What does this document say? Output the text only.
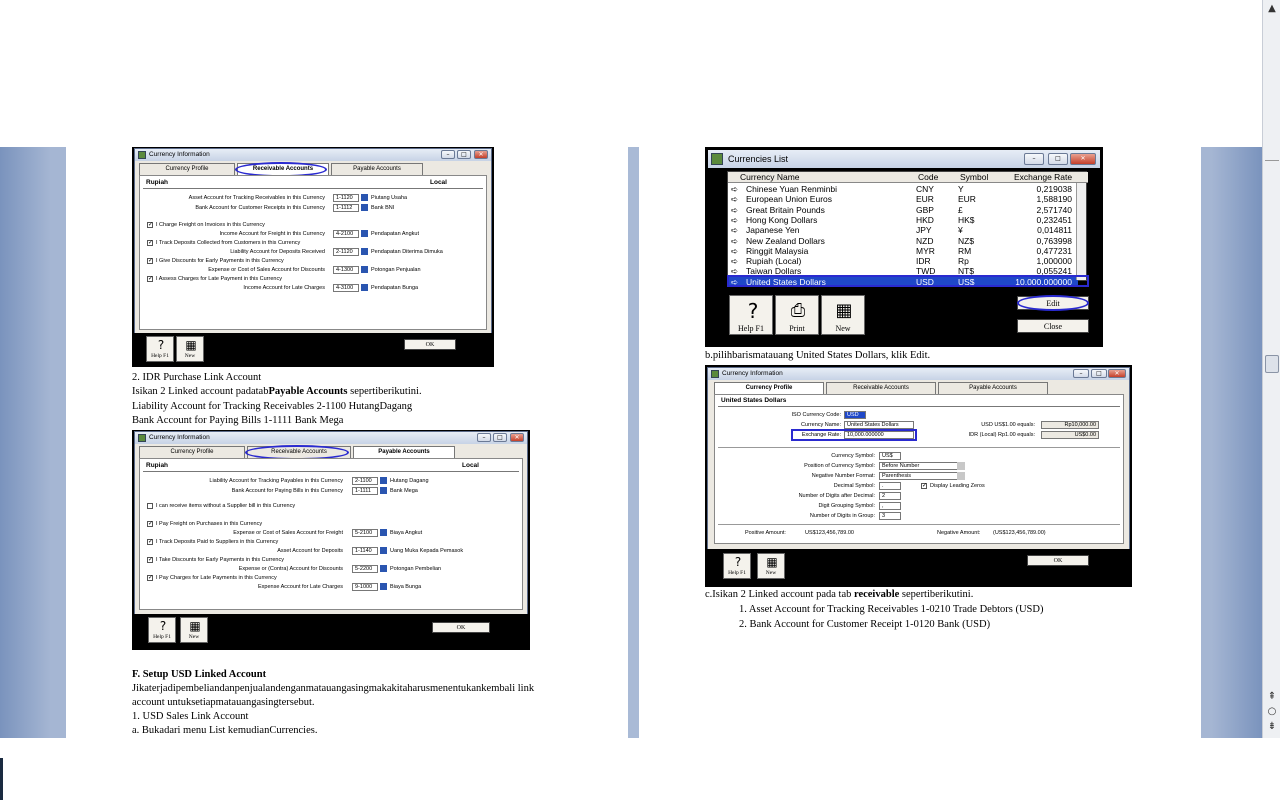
Currency Information	–	□	✕
Currency Profile	Receivable Accounts	Payable Accounts
Rupiah	Local
Asset Account for Tracking Receivables in this Currency	1-1120	Piutang Usaha
Bank Account for Customer Receipts in this Currency	1-1112	Bank BNI
✓ I Charge Freight on Invoices in this Currency
Income Account for Freight in this Currency	4-2100	Pendapatan Angkut
✓ I Track Deposits Collected from Customers in this Currency
Liability Account for Deposits Received	2-1120	Pendapatan Diterima Dimuka
✓ I Give Discounts for Early Payments in this Currency
Expense or Cost of Sales Account for Discounts	4-1300	Potongan Penjualan
✓ I Assess Charges for Late Payment in this Currency
Income Account for Late Charges	4-3100	Pendapatan Bunga
?
Help F1
▦
New
OK
2. IDR Purchase Link Account
Isikan 2 Linked account padatabPayable Accounts sepertiberikutini.
Liability Account for Tracking Receivables 2-1100 HutangDagang
Bank Account for Paying Bills 1-1111 Bank Mega
Currency Information	–	□	✕
Currency Profile	Receivable Accounts	Payable Accounts
Rupiah	Local
Liability Account for Tracking Payables in this Currency	2-1100	Hutang Dagang
Bank Account for Paying Bills in this Currency	1-1111	Bank Mega
I can receive items without a Supplier bill in this Currency
✓ I Pay Freight on Purchases in this Currency
Expense or Cost of Sales Account for Freight	5-2100	Biaya Angkut
✓ I Track Deposits Paid to Suppliers in this Currency
Asset Account for Deposits	1-1140	Uang Muka Kepada Pemasok
✓ I Take Discounts for Early Payments in this Currency
Expense or (Contra) Account for Discounts	5-2200	Potongan Pembelian
✓ I Pay Charges for Late Payments in this Currency
Expense Account for Late Charges	9-1000	Biaya Bunga
?
Help F1
▦
New
OK
F. Setup USD Linked Account
Jikaterjadipembeliandanpenjualandenganmatauangasingmakakitaharusmenentukankembali link
account untuksetiapmatauangasingtersebut.
1. USD Sales Link Account
a. Bukadari menu List kemudianCurrencies.
Currencies List	–	□	✕
Currency Name	Code	Symbol	Exchange Rate
➪ Chinese Yuan Renminbi	CNY	Y	0,219038
➪ European Union Euros	EUR	EUR	1,588190
➪ Great Britain Pounds	GBP	£	2,571740
➪ Hong Kong Dollars	HKD	HK$	0,232451
➪ Japanese Yen	JPY	¥	0,014811
➪ New Zealand Dollars	NZD	NZ$	0,763998
➪ Ringgit Malaysia	MYR	RM	0,477231
➪ Rupiah (Local)	IDR	Rp	1,000000
➪ Taiwan Dollars	TWD	NT$	0,055241
➪ United States Dollars	USD	US$	10.000,000000
?
Help F1
⎙
Print
▦
New
Edit
Close
b.pilihbarismatauang United States Dollars, klik Edit.
Currency Information	–	□	✕
Currency Profile	Receivable Accounts	Payable Accounts
United States Dollars
ISO Currency Code:	USD
Currency Name:	United States Dollars
Exchange Rate:	10,000.000000
USD US$1.00 equals:	Rp10,000.00
IDR (Local) Rp1.00 equals:	US$0.00
Currency Symbol:	US$
Position of Currency Symbol:	Before Number
Negative Number Format:	Parenthesis
Decimal Symbol:	.	✓ Display Leading Zeros
Number of Digits after Decimal:	2
Digit Grouping Symbol:	,
Number of Digits in Group:	3
Positive Amount:	US$123,456,789.00	Negative Amount: (US$123,456,789.00)
?
Help F1
▦
New
OK
c.Isikan 2 Linked account pada tab receivable sepertiberikutini.
1. Asset Account for Tracking Receivables 1-0210 Trade Debtors (USD)
2. Bank Account for Customer Receipt 1-0120 Bank (USD)
▲
⇞
○
⇟
